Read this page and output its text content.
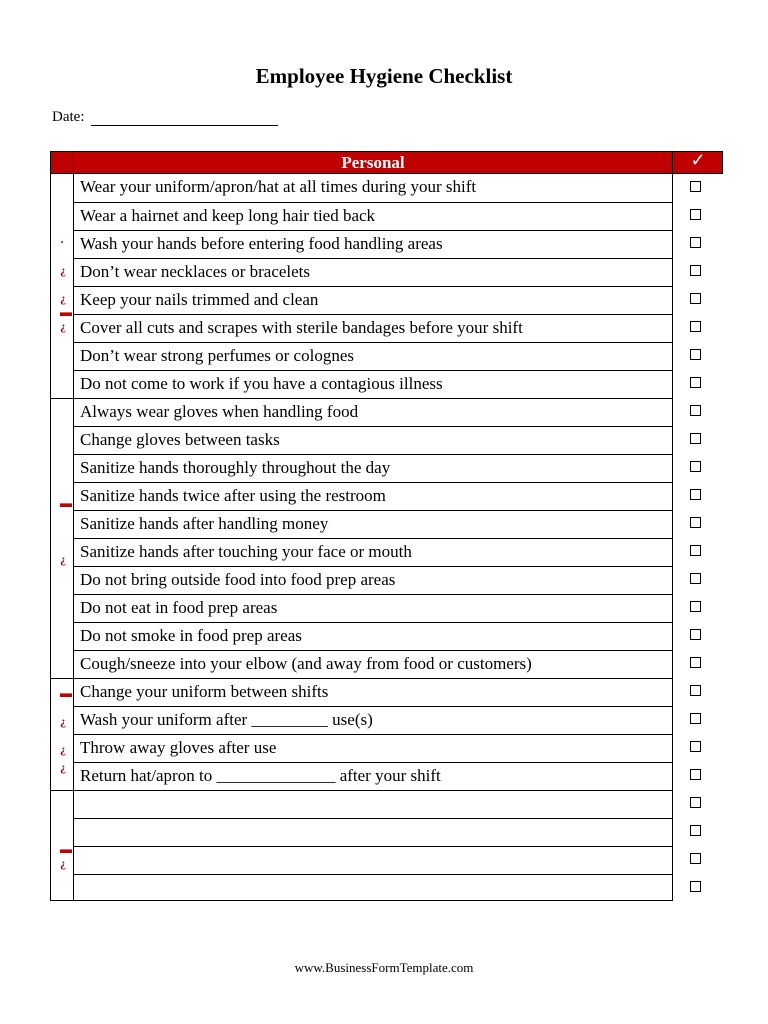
Employee Hygiene Checklist
Date:
Personal	✓
·
¿
¿
▬
¿
▬
¿
▬
¿
¿
¿
▬
¿
Wear your uniform/apron/hat at all times during your shift
Wear a hairnet and keep long hair tied back
Wash your hands before entering food handling areas
Don’t wear necklaces or bracelets
Keep your nails trimmed and clean
Cover all cuts and scrapes with sterile bandages before your shift
Don’t wear strong perfumes or colognes
Do not come to work if you have a contagious illness
Always wear gloves when handling food
Change gloves between tasks
Sanitize hands thoroughly throughout the day
Sanitize hands twice after using the restroom
Sanitize hands after handling money
Sanitize hands after touching your face or mouth
Do not bring outside food into food prep areas
Do not eat in food prep areas
Do not smoke in food prep areas
Cough/sneeze into your elbow (and away from food or customers)
Change your uniform between shifts
Wash your uniform after _________ use(s)
Throw away gloves after use
Return hat/apron to ______________ after your shift
www.BusinessFormTemplate.com
